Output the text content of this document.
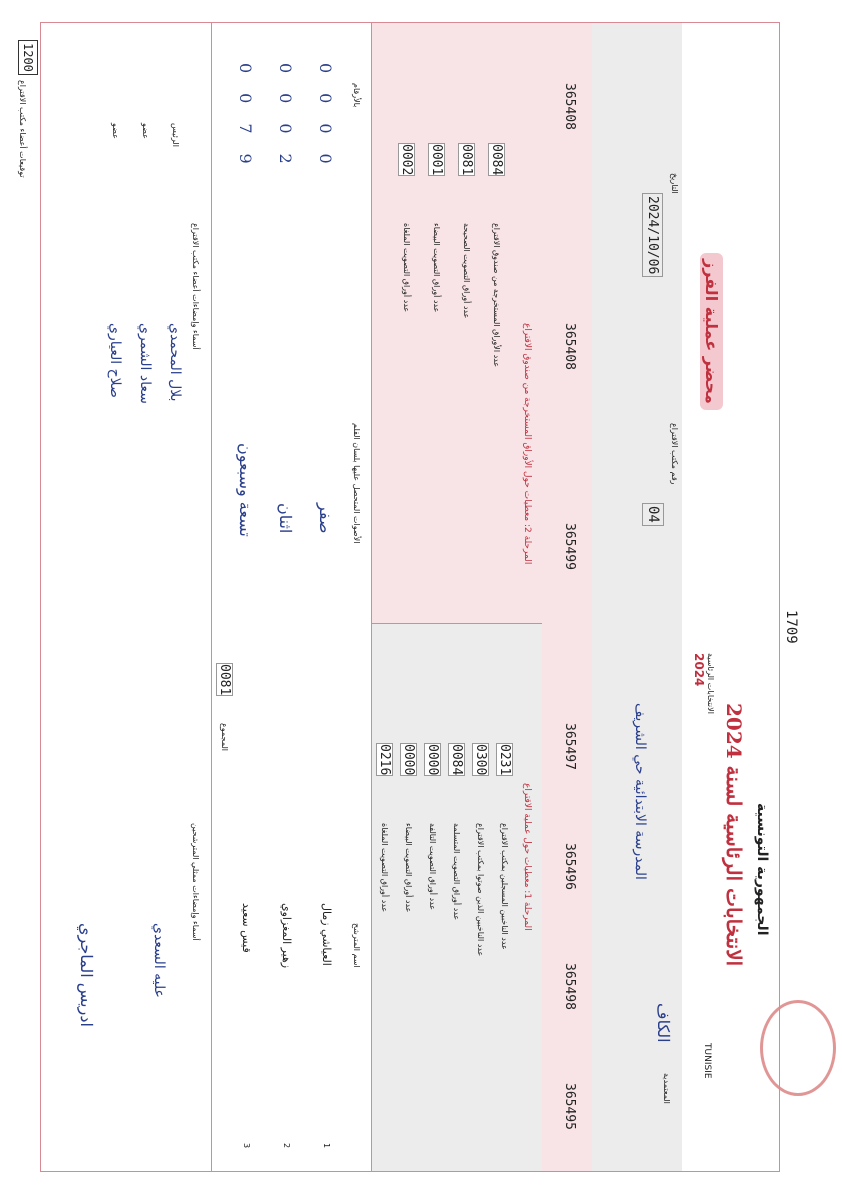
1709
الانتخابات الرئاسية لسنة 2024 الجمهورية التونسية
محضر عملية الفرز
2024 الانتخابات الرئاسية
TUNISIE
المعتمدية
الكاف
المدرسة الابتدائية حي الشريف
رقم مكتب الاقتراع
04
التاريخ
2024/10/06
365495
365498
365496
365497
365499
365408
365408
المرحلة 1: معطيات حول عملية الاقتراع
عدد الناخبين المسجلين بمكتب الاقتراع
0231
عدد الناخبين الذين صوتوا بمكتب الاقتراع
0300
عدد أوراق التصويت المتسلمة
0084
عدد أوراق التصويت التالفة
0000
عدد أوراق التصويت البيضاء
0000
عدد أوراق التصويت الملغاة
0216
المرحلة 2: معطيات حول الأوراق المستخرجة من صندوق الاقتراع
عدد الأوراق المستخرجة من صندوق الاقتراع
0084
عدد أوراق التصويت الصحيحة
0081
عدد أوراق التصويت البيضاء
0001
عدد أوراق التصويت الملغاة
0002
اسم المترشح
الأصوات المتحصل عليها بلسان القلم
بالأرقام
1
العياشي زمال
صفر
0000
2
زهير المغزاوي
اثنان
0002
3
قيس سعيد
تسعة وسبعون
0079
المجموع
0081
أسماء وإمضاءات أعضاء مكتب الاقتراع
الرئيس
بلال المحمدي
عضو
سعاد الشمري
عضو
صلاح العياري
أسماء وإمضاءات ممثلي المترشحين
ادريس الماجري	عليه السعدي
1200
توقيعات أعضاء مكتب الاقتراع
